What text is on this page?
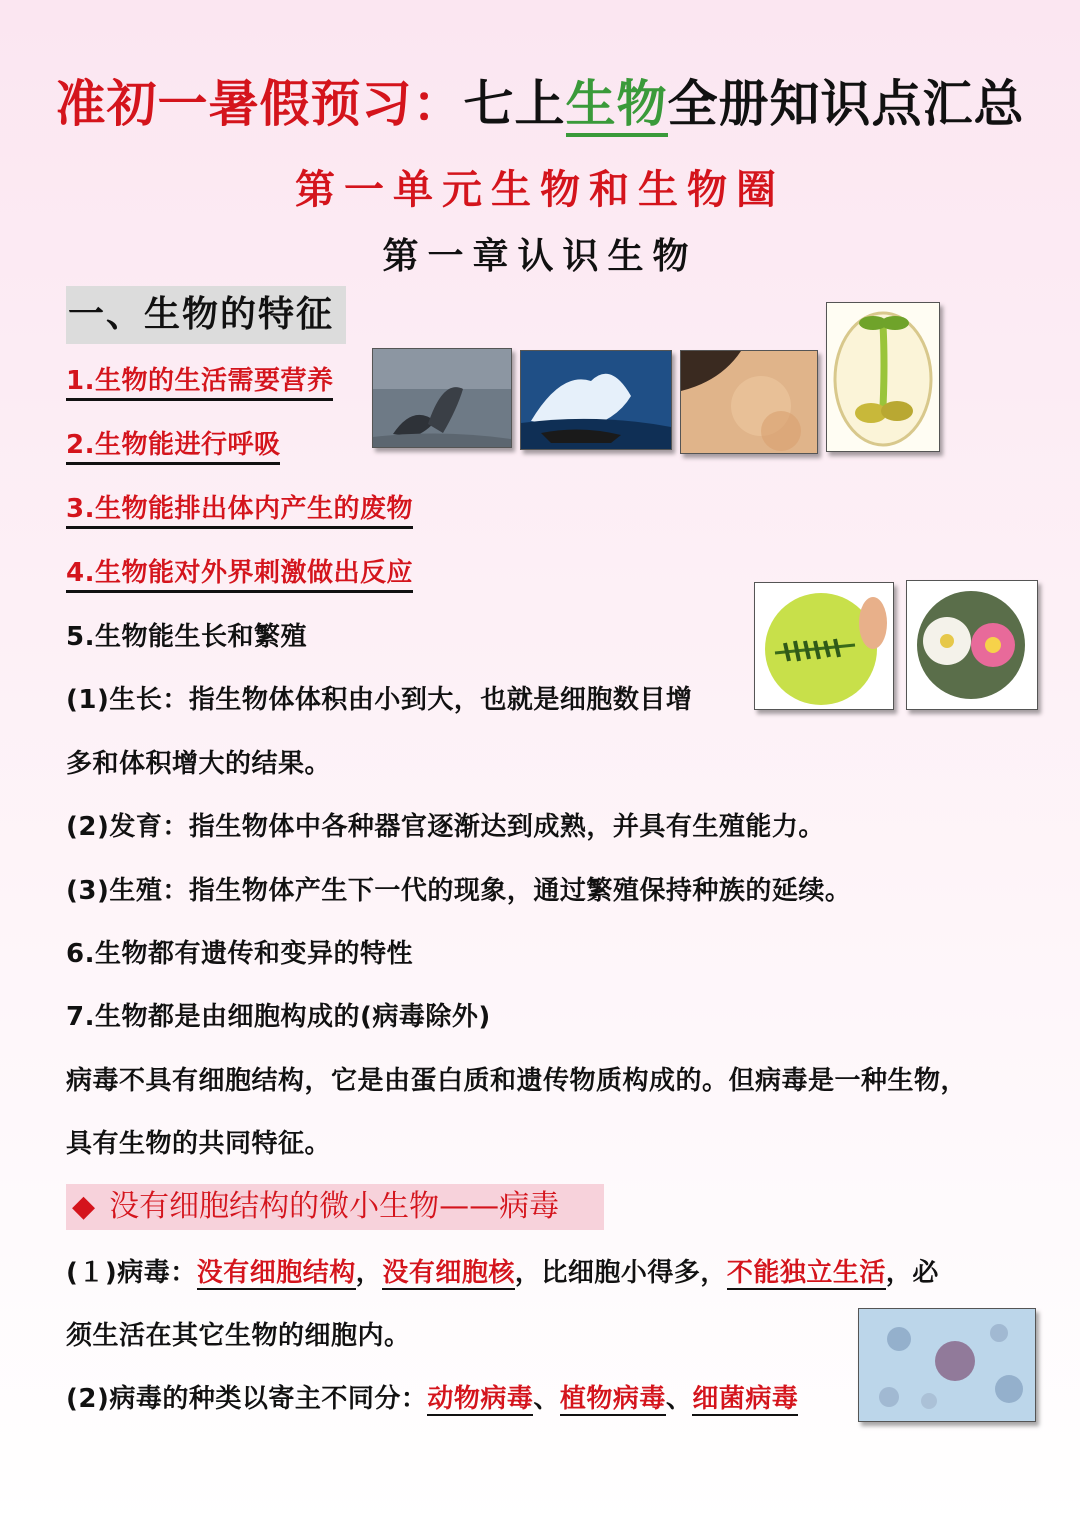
准初一暑假预习：七上生物全册知识点汇总
第一单元生物和生物圈
第一章认识生物
一、生物的特征
1.生物的生活需要营养
2.生物能进行呼吸
3.生物能排出体内产生的废物
4.生物能对外界刺激做出反应
5.生物能生长和繁殖
(1)生长：指生物体体积由小到大，也就是细胞数目增
多和体积增大的结果。
(2)发育：指生物体中各种器官逐渐达到成熟，并具有生殖能力。
(3)生殖：指生物体产生下一代的现象，通过繁殖保持种族的延续。
6.生物都有遗传和变异的特性
7.生物都是由细胞构成的(病毒除外)
病毒不具有细胞结构，它是由蛋白质和遗传物质构成的。但病毒是一种生物，
具有生物的共同特征。
◆ 没有细胞结构的微小生物——病毒
(１)病毒：没有细胞结构，没有细胞核，比细胞小得多，不能独立生活，必
须生活在其它生物的细胞内。
(2)病毒的种类以寄主不同分：动物病毒、植物病毒、细菌病毒
